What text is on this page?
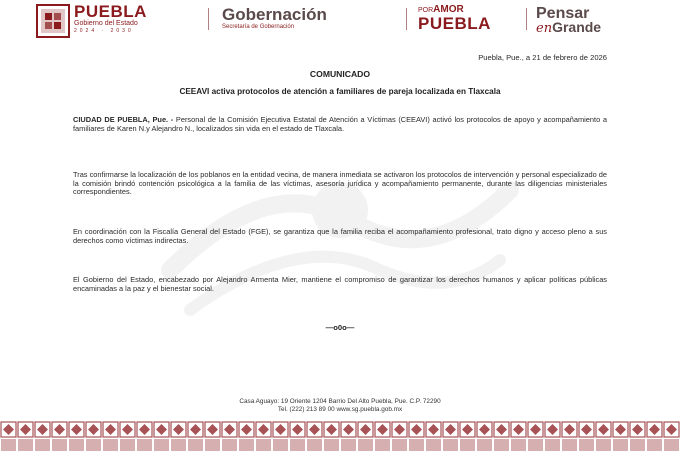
PUEBLA
Gobierno del Estado
2024 · 2030
Gobernación
Secretaría de Gobernación
PORAMOR
PUEBLA
Pensar
enGrande
Puebla, Pue., a 21 de febrero de 2026
COMUNICADO
CEEAVI activa protocolos de atención a familiares de pareja localizada en Tlaxcala
CIUDAD DE PUEBLA, Pue. - Personal de la Comisión Ejecutiva Estatal de Atención a Víctimas (CEEAVI) activó los protocolos de apoyo y acompañamiento a familiares de Karen N.y Alejandro N., localizados sin vida en el estado de Tlaxcala.
Tras confirmarse la localización de los poblanos en la entidad vecina, de manera inmediata se activaron los protocolos de intervención y personal especializado de la comisión brindó contención psicológica a la familia de las víctimas, asesoría jurídica y acompañamiento permanente, durante las diligencias ministeriales correspondientes.
En coordinación con la Fiscalía General del Estado (FGE), se garantiza que la familia reciba el acompañamiento profesional, trato digno y acceso pleno a sus derechos como víctimas indirectas.
El Gobierno del Estado, encabezado por Alejandro Armenta Mier, mantiene el compromiso de garantizar los derechos humanos y aplicar políticas públicas encaminadas a la paz y el bienestar social.
—o0o—
Casa Aguayo: 19 Oriente 1204 Barrio Del Alto Puebla, Pue. C.P. 72290
Tel. (222) 213 89 00 www.sg.puebla.gob.mx
